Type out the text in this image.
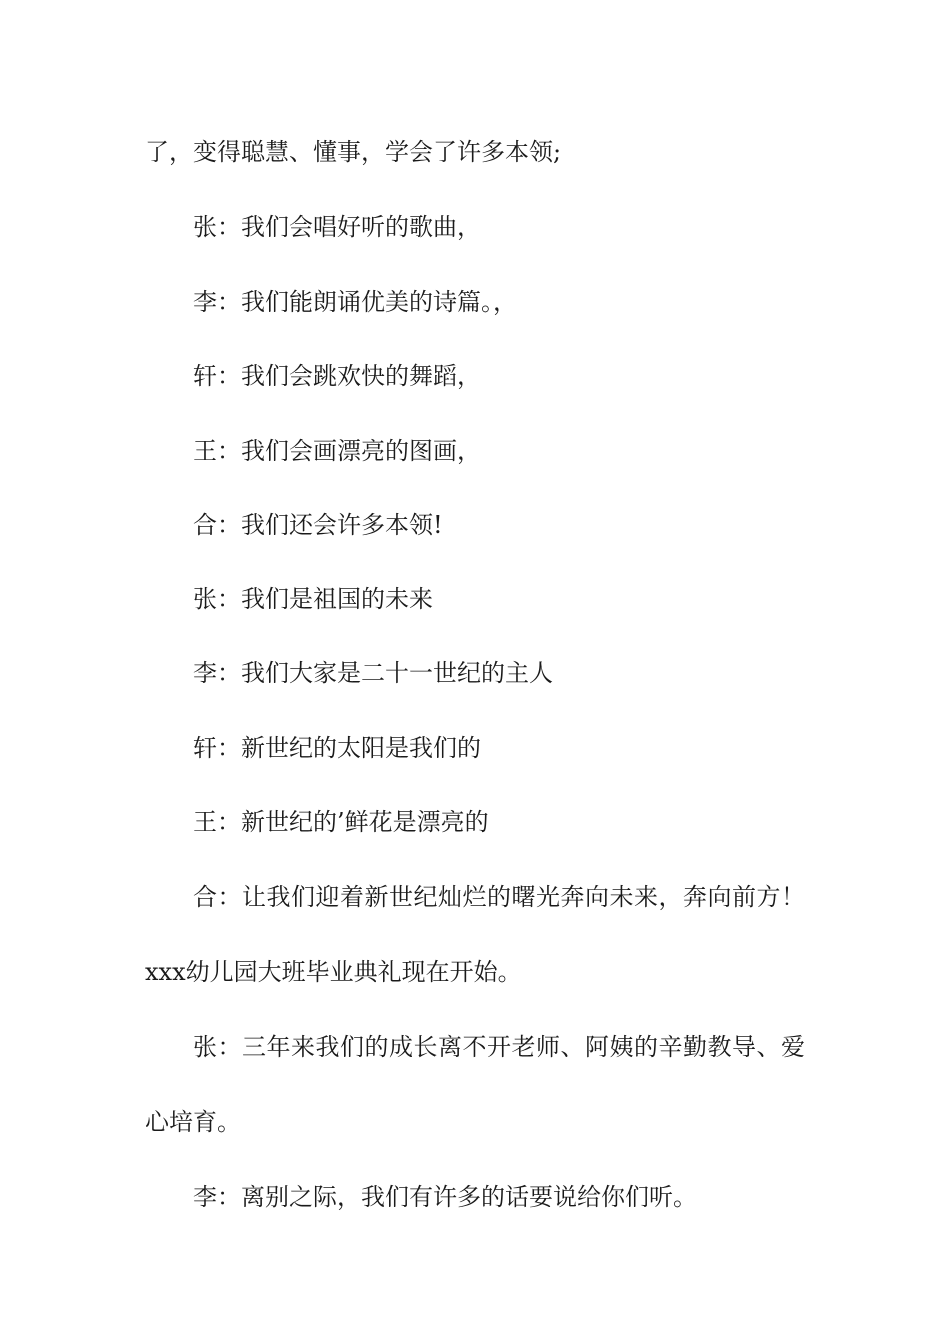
了，变得聪慧、懂事，学会了许多本领;
张：我们会唱好听的歌曲，
李：我们能朗诵优美的诗篇。，
轩：我们会跳欢快的舞蹈，
王：我们会画漂亮的图画，
合：我们还会许多本领!
张：我们是祖国的未来
李：我们大家是二十一世纪的主人
轩：新世纪的太阳是我们的
王：新世纪的’鲜花是漂亮的
合：让我们迎着新世纪灿烂的曙光奔向未来，奔向前方！
xxx幼儿园大班毕业典礼现在开始。
张：三年来我们的成长离不开老师、阿姨的辛勤教导、爱
心培育。
李：离别之际，我们有许多的话要说给你们听。
